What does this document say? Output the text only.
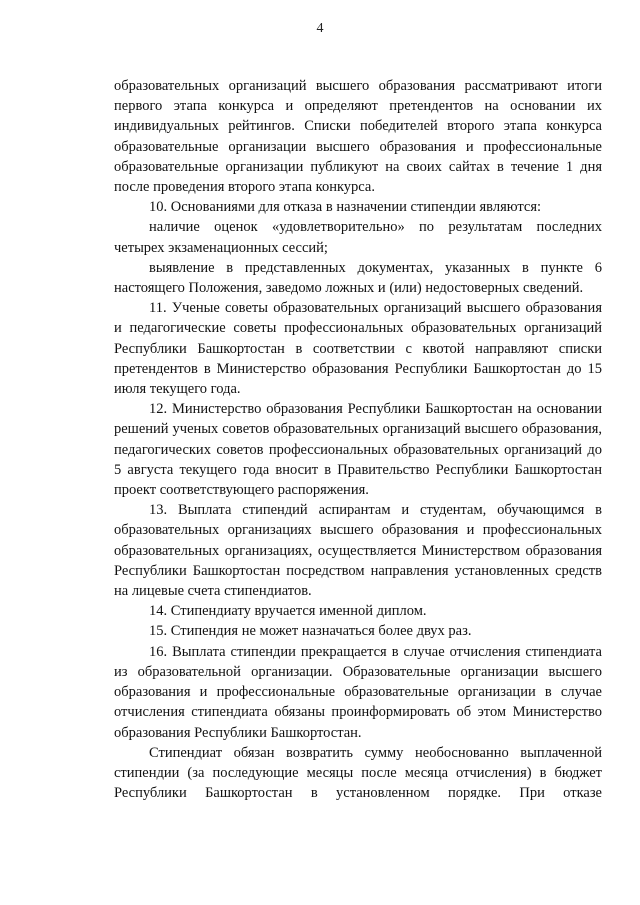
4

образовательных организаций высшего образования рассматривают итоги первого этапа конкурса и определяют претендентов на основании их индивидуальных рейтингов. Списки победителей второго этапа конкурса образовательные организации высшего образования и профессиональные образовательные организации публикуют на своих сайтах в течение 1 дня после проведения второго этапа конкурса.

10. Основаниями для отказа в назначении стипендии являются:

наличие оценок «удовлетворительно» по результатам последних четырех экзаменационных сессий;

выявление в представленных документах, указанных в пункте 6 настоящего Положения, заведомо ложных и (или) недостоверных сведений.

11. Ученые советы образовательных организаций высшего образования и педагогические советы профессиональных образовательных организаций Республики Башкортостан в соответствии с квотой направляют списки претендентов в Министерство образования Республики Башкортостан до 15 июля текущего года.

12. Министерство образования Республики Башкортостан на основании решений ученых советов образовательных организаций высшего образования, педагогических советов профессиональных образовательных организаций до 5 августа текущего года вносит в Правительство Республики Башкортостан проект соответствующего распоряжения.

13. Выплата стипендий аспирантам и студентам, обучающимся в образовательных организациях высшего образования и профессиональных образовательных организациях, осуществляется Министерством образования Республики Башкортостан посредством направления установленных средств на лицевые счета стипендиатов.

14. Стипендиату вручается именной диплом.

15. Стипендия не может назначаться более двух раз.

16. Выплата стипендии прекращается в случае отчисления стипендиата из образовательной организации. Образовательные организации высшего образования и профессиональные образовательные организации в случае отчисления стипендиата обязаны проинформировать об этом Министерство образования Республики Башкортостан.

Стипендиат обязан возвратить сумму необоснованно выплаченной стипендии (за последующие месяцы после месяца отчисления) в бюджет Республики Башкортостан в установленном порядке. При отказе
